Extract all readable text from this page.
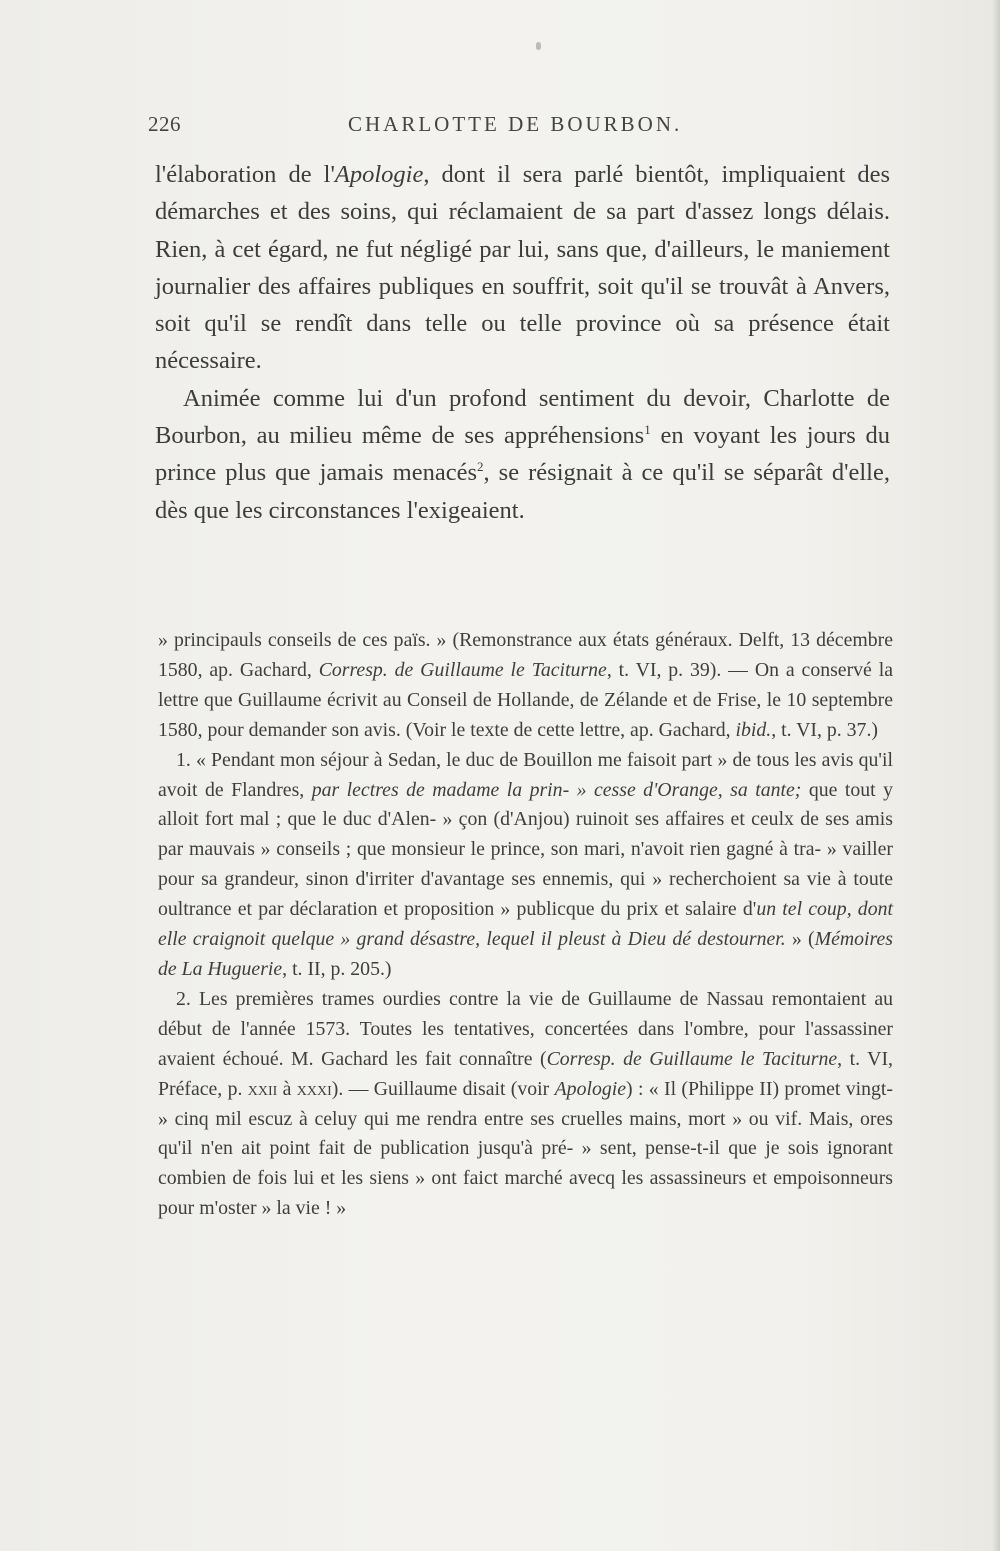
226	CHARLOTTE DE BOURBON.

l'élaboration de l'Apologie, dont il sera parlé bientôt, impliquaient des démarches et des soins, qui réclamaient de sa part d'assez longs délais. Rien, à cet égard, ne fut négligé par lui, sans que, d'ailleurs, le maniement journalier des affaires publiques en souffrit, soit qu'il se trouvât à Anvers, soit qu'il se rendît dans telle ou telle province où sa présence était nécessaire.

Animée comme lui d'un profond sentiment du devoir, Charlotte de Bourbon, au milieu même de ses appréhensions$^1$ en voyant les jours du prince plus que jamais menacés$^2$, se résignait à ce qu'il se séparât d'elle, dès que les circonstances l'exigeaient.

» principauls conseils de ces païs. » (Remonstrance aux états généraux. Delft, 13 décembre 1580, ap. Gachard, Corresp. de Guillaume le Taciturne, t. VI, p. 39). — On a conservé la lettre que Guillaume écrivit au Conseil de Hollande, de Zélande et de Frise, le 10 septembre 1580, pour demander son avis. (Voir le texte de cette lettre, ap. Gachard, ibid., t. VI, p. 37.)

1. « Pendant mon séjour à Sedan, le duc de Bouillon me faisoit part » de tous les avis qu'il avoit de Flandres, par lectres de madame la prin- » cesse d'Orange, sa tante; que tout y alloit fort mal ; que le duc d'Alen- » çon (d'Anjou) ruinoit ses affaires et ceulx de ses amis par mauvais » conseils ; que monsieur le prince, son mari, n'avoit rien gagné à tra- » vailler pour sa grandeur, sinon d'irriter d'avantage ses ennemis, qui » recherchoient sa vie à toute oultrance et par déclaration et proposition » publicque du prix et salaire d'un tel coup, dont elle craignoit quelque » grand désastre, lequel il pleust à Dieu dé destourner. » (Mémoires de La Huguerie, t. II, p. 205.)

2. Les premières trames ourdies contre la vie de Guillaume de Nassau remontaient au début de l'année 1573. Toutes les tentatives, concertées dans l'ombre, pour l'assassiner avaient échoué. M. Gachard les fait connaître (Corresp. de Guillaume le Taciturne, t. VI, Préface, p. xxii à xxxi). — Guillaume disait (voir Apologie) : « Il (Philippe II) promet vingt- » cinq mil escuz à celuy qui me rendra entre ses cruelles mains, mort » ou vif. Mais, ores qu'il n'en ait point fait de publication jusqu'à pré- » sent, pense-t-il que je sois ignorant combien de fois lui et les siens » ont faict marché avecq les assassineurs et empoisonneurs pour m'oster » la vie ! »
